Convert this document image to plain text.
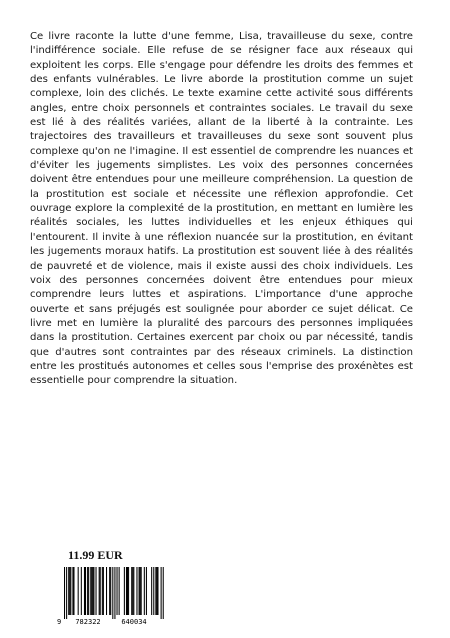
Ce livre raconte la lutte d'une femme, Lisa, travailleuse du sexe, contre l'indifférence sociale. Elle refuse de se résigner face aux réseaux qui exploitent les corps. Elle s'engage pour défendre les droits des femmes et des enfants vulnérables. Le livre aborde la prostitution comme un sujet complexe, loin des clichés. Le texte examine cette activité sous différents angles, entre choix personnels et contraintes sociales. Le travail du sexe est lié à des réalités variées, allant de la liberté à la contrainte. Les trajectoires des travailleurs et travailleuses du sexe sont souvent plus complexe qu'on ne l'imagine. Il est essentiel de comprendre les nuances et d'éviter les jugements simplistes. Les voix des personnes concernées doivent être entendues pour une meilleure compréhension. La question de la prostitution est sociale et nécessite une réflexion approfondie. Cet ouvrage explore la complexité de la prostitution, en mettant en lumière les réalités sociales, les luttes individuelles et les enjeux éthiques qui l'entourent. Il invite à une réflexion nuancée sur la prostitution, en évitant les jugements moraux hatifs. La prostitution est souvent liée à des réalités de pauvreté et de violence, mais il existe aussi des choix individuels. Les voix des personnes concernées doivent être entendues pour mieux comprendre leurs luttes et aspirations. L'importance d'une approche ouverte et sans préjugés est soulignée pour aborder ce sujet délicat. Ce livre met en lumière la pluralité des parcours des personnes impliquées dans la prostitution. Certaines exercent par choix ou par nécessité, tandis que d'autres sont contraintes par des réseaux criminels. La distinction entre les prostitués autonomes et celles sous l'emprise des proxénètes est essentielle pour comprendre la situation.

11.99 EUR

9 782322	640034
